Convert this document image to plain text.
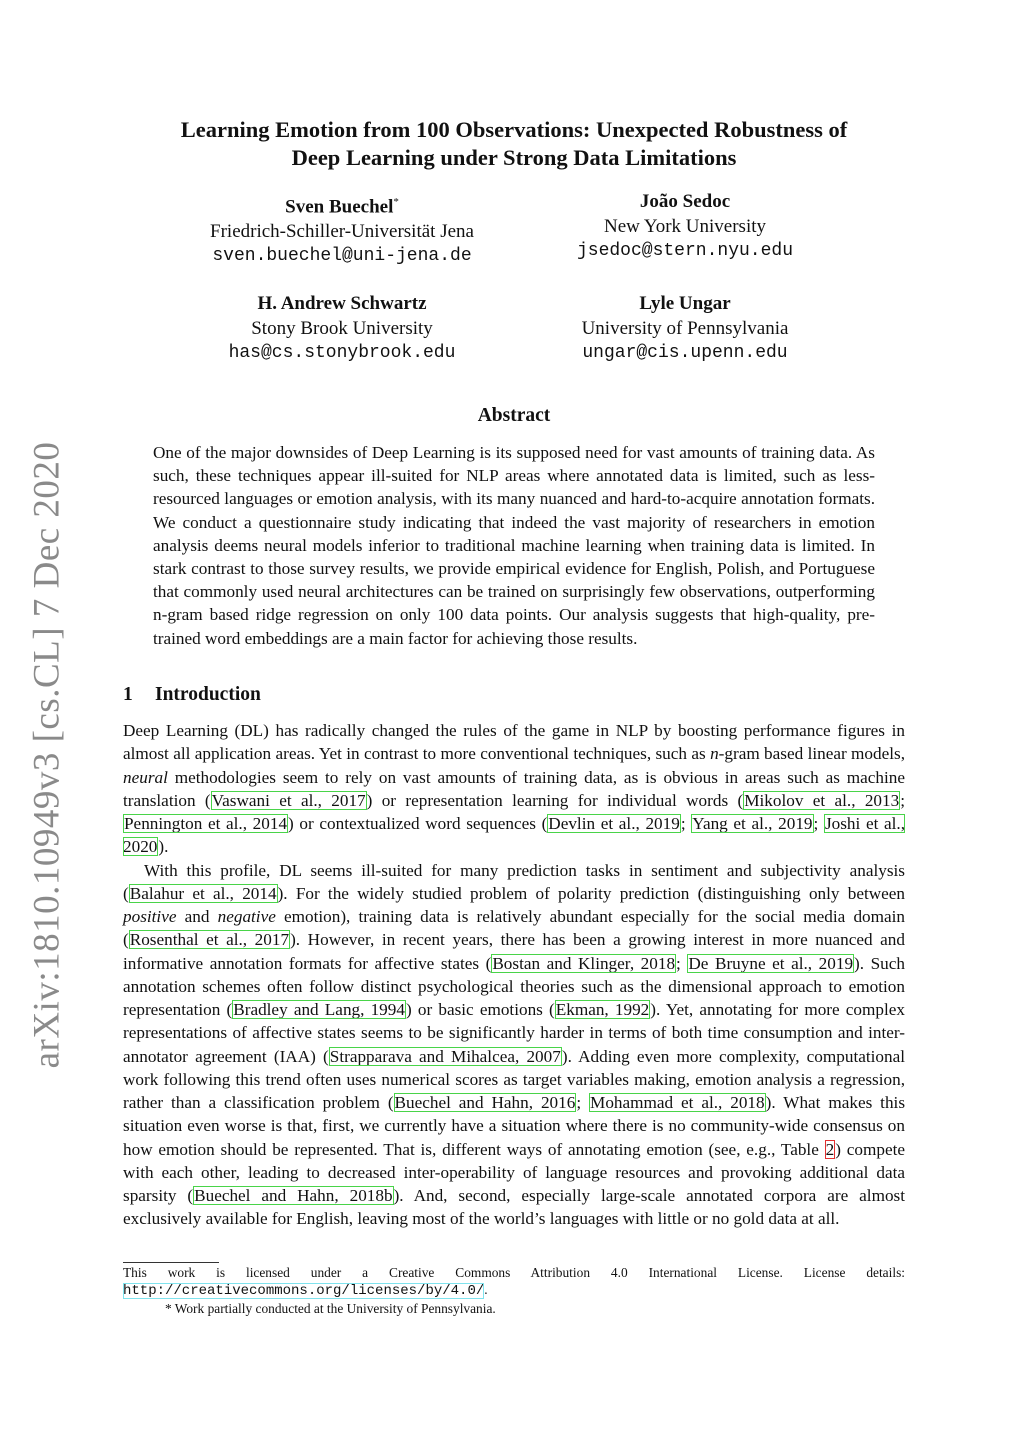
arXiv:1810.10949v3 [cs.CL] 7 Dec 2020
Learning Emotion from 100 Observations: Unexpected Robustness of
Deep Learning under Strong Data Limitations
Sven Buechel*
Friedrich-Schiller-Universität Jena
sven.buechel@uni-jena.de
João Sedoc
New York University
jsedoc@stern.nyu.edu
H. Andrew Schwartz
Stony Brook University
has@cs.stonybrook.edu
Lyle Ungar
University of Pennsylvania
ungar@cis.upenn.edu
Abstract
One of the major downsides of Deep Learning is its supposed need for vast amounts of training data. As such, these techniques appear ill-suited for NLP areas where annotated data is limited, such as less-resourced languages or emotion analysis, with its many nuanced and hard-to-acquire annotation formats. We conduct a questionnaire study indicating that indeed the vast majority of researchers in emotion analysis deems neural models inferior to traditional machine learning when training data is limited. In stark contrast to those survey results, we provide empirical evidence for English, Polish, and Portuguese that commonly used neural architectures can be trained on surprisingly few observations, outperforming n-gram based ridge regression on only 100 data points. Our analysis suggests that high-quality, pre-trained word embeddings are a main factor for achieving those results.
1 Introduction

Deep Learning (DL) has radically changed the rules of the game in NLP by boosting performance figures in almost all application areas. Yet in contrast to more conventional techniques, such as n-gram based linear models, neural methodologies seem to rely on vast amounts of training data, as is obvious in areas such as machine translation (Vaswani et al., 2017) or representation learning for individual words (Mikolov et al., 2013; Pennington et al., 2014) or contextualized word sequences (Devlin et al., 2019; Yang et al., 2019; Joshi et al., 2020).

With this profile, DL seems ill-suited for many prediction tasks in sentiment and subjectivity analysis (Balahur et al., 2014). For the widely studied problem of polarity prediction (distinguishing only between positive and negative emotion), training data is relatively abundant especially for the social media domain (Rosenthal et al., 2017). However, in recent years, there has been a growing interest in more nuanced and informative annotation formats for affective states (Bostan and Klinger, 2018; De Bruyne et al., 2019). Such annotation schemes often follow distinct psychological theories such as the dimensional approach to emotion representation (Bradley and Lang, 1994) or basic emotions (Ekman, 1992). Yet, annotating for more complex representations of affective states seems to be significantly harder in terms of both time consumption and inter-annotator agreement (IAA) (Strapparava and Mihalcea, 2007). Adding even more complexity, computational work following this trend often uses numerical scores as target variables making, emotion analysis a regression, rather than a classification problem (Buechel and Hahn, 2016; Mohammad et al., 2018). What makes this situation even worse is that, first, we currently have a situation where there is no community-wide consensus on how emotion should be represented. That is, different ways of annotating emotion (see, e.g., Table 2) compete with each other, leading to decreased inter-operability of language resources and provoking additional data sparsity (Buechel and Hahn, 2018b). And, second, especially large-scale annotated corpora are almost exclusively available for English, leaving most of the world’s languages with little or no gold data at all.

This work is licensed under a Creative Commons Attribution 4.0 International License. License details: http://creativecommons.org/licenses/by/4.0/.

* Work partially conducted at the University of Pennsylvania.
